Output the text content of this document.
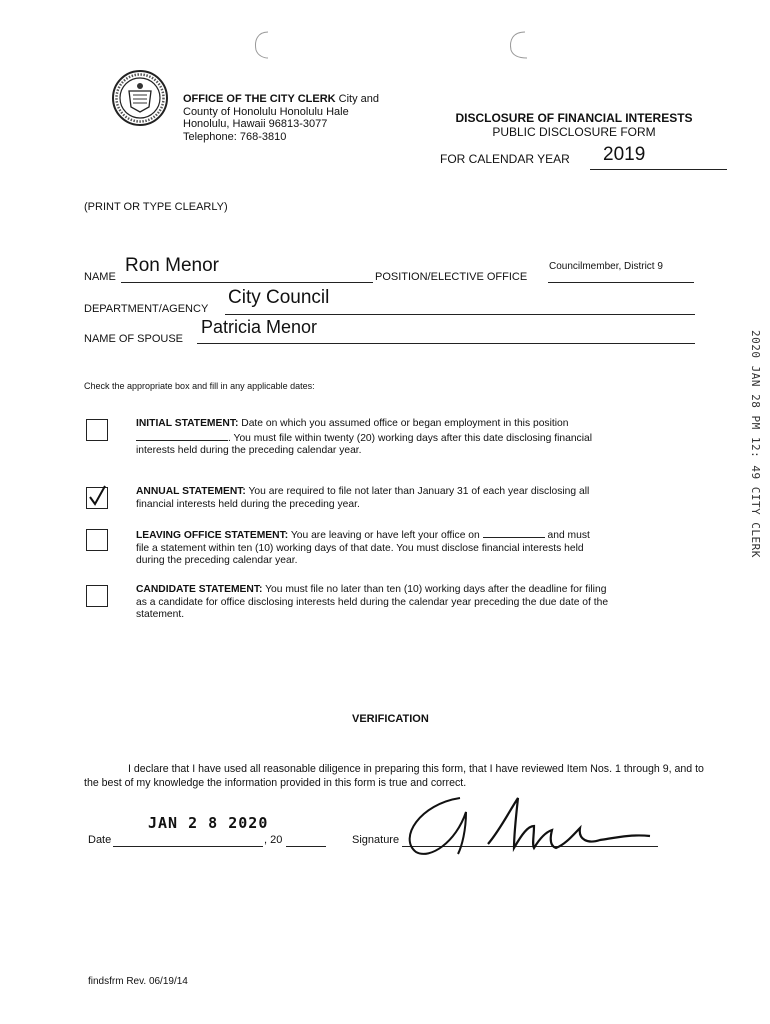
OFFICE OF THE CITY CLERK City and
County of Honolulu Honolulu Hale
Honolulu, Hawaii 96813-3077
Telephone: 768-3810
DISCLOSURE OF FINANCIAL INTERESTS
PUBLIC DISCLOSURE FORM
FOR CALENDAR YEAR 2019
(PRINT OR TYPE CLEARLY)
NAME
Ron Menor
POSITION/ELECTIVE OFFICE
Councilmember, District 9
DEPARTMENT/AGENCY
City Council
NAME OF SPOUSE
Patricia Menor
Check the appropriate box and fill in any applicable dates:
INITIAL STATEMENT: Date on which you assumed office or began employment in this position
. You must file within twenty (20) working days after this date disclosing financial
interests held during the preceding calendar year.
ANNUAL STATEMENT: You are required to file not later than January 31 of each year disclosing all
financial interests held during the preceding year.
LEAVING OFFICE STATEMENT: You are leaving or have left your office on	and must
file a statement within ten (10) working days of that date. You must disclose financial interests held
during the preceding calendar year.
CANDIDATE STATEMENT: You must file no later than ten (10) working days after the deadline for filing
as a candidate for office disclosing interests held during the calendar year preceding the due date of the
statement.
2020 JAN 28 PM 12: 49 CITY CLERK
VERIFICATION
I declare that I have used all reasonable diligence in preparing this form, that I have reviewed Item Nos. 1 through 9, and to the best of my knowledge the information provided in this form is true and correct.
Date
JAN 2 8 2020
, 20	Signature
findsfrm Rev. 06/19/14
